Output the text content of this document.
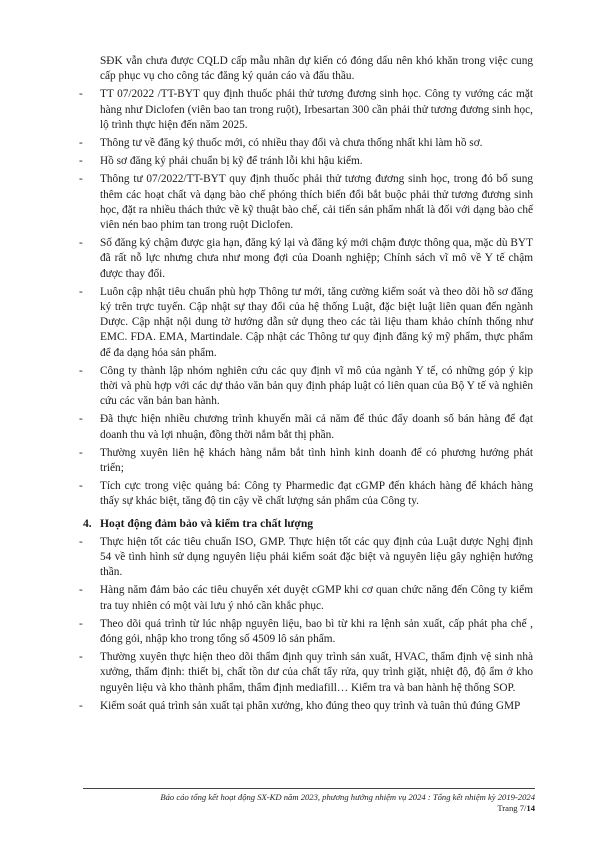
SĐK vẫn chưa được CQLD cấp mẫu nhãn dự kiến có đóng dấu nên khó khăn trong việc cung cấp phục vụ cho công tác đăng ký quản cáo và đấu thầu.

-	TT 07/2022 /TT-BYT quy định thuốc phải thử tương đương sinh học. Công ty vướng các mặt hàng như Diclofen (viên bao tan trong ruột), Irbesartan 300 cần phải thử tương đương sinh học, lộ trình thực hiện đến năm 2025.

-	Thông tư về đăng ký thuốc mới, có nhiều thay đổi và chưa thống nhất khi làm hồ sơ.

-	Hồ sơ đăng ký phải chuẩn bị kỹ để tránh lỗi khi hậu kiểm.

-	Thông tư 07/2022/TT-BYT quy định thuốc phải thử tương đương sinh học, trong đó bổ sung thêm các hoạt chất và dạng bào chế phóng thích biến đổi bắt buộc phải thử tương đương sinh học, đặt ra nhiều thách thức về kỹ thuật bào chế, cải tiến sản phẩm nhất là đối với dạng bào chế viên nén bao phim tan trong ruột Diclofen.

-	Số đăng ký chậm được gia hạn, đăng ký lại và đăng ký mới chậm được thông qua, mặc dù BYT đã rất nỗ lực nhưng chưa như mong đợi của Doanh nghiệp; Chính sách vĩ mô về Y tế chậm được thay đổi.

-	Luôn cập nhật tiêu chuẩn phù hợp Thông tư mới, tăng cường kiểm soát và theo dõi hồ sơ đăng ký trên trực tuyến. Cập nhật sự thay đổi của hệ thống Luật, đặc biệt luật liên quan đến ngành Dược. Cập nhật nội dung tờ hướng dẫn sử dụng theo các tài liệu tham khảo chính thống như EMC. FDA. EMA, Martindale. Cập nhật các Thông tư quy định đăng ký mỹ phẩm, thực phẩm để đa dạng hóa sản phẩm.

-	Công ty thành lập nhóm nghiên cứu các quy định vĩ mô của ngành Y tế, có những góp ý kịp thời và phù hợp với các dự thảo văn bản quy định pháp luật có liên quan của Bộ Y tế và nghiên cứu các văn bản ban hành.

-	Đã thực hiện nhiều chương trình khuyến mãi cả năm để thúc đẩy doanh số bán hàng để đạt doanh thu và lợi nhuận, đồng thời nắm bắt thị phần.

-	Thường xuyên liên hệ khách hàng nắm bắt tình hình kinh doanh để có phương hướng phát triển;

-	Tích cực trong việc quảng bá: Công ty Pharmedic đạt cGMP đến khách hàng để khách hàng thấy sự khác biệt, tăng độ tin cậy về chất lượng sản phẩm của Công ty.

4. Hoạt động đảm bảo và kiểm tra chất lượng

-	Thực hiện tốt các tiêu chuẩn ISO, GMP. Thực hiện tốt các quy định của Luật dược Nghị định 54 về tình hình sử dụng nguyên liệu phải kiểm soát đặc biệt và nguyên liệu gây nghiện hướng thần.

-	Hàng năm đảm bảo các tiêu chuyển xét duyệt cGMP khi cơ quan chức năng đến Công ty kiểm tra tuy nhiên có một vài lưu ý nhỏ cần khắc phục.

-	Theo dõi quá trình từ lúc nhập nguyên liệu, bao bì từ khi ra lệnh sản xuất, cấp phát pha chế , đóng gói, nhập kho trong tổng số 4509 lô sản phẩm.

-	Thường xuyên thực hiện theo dõi thẩm định quy trình sản xuất, HVAC, thẩm định vệ sinh nhà xưởng, thẩm định: thiết bị, chất tồn dư của chất tẩy rửa, quy trình giặt, nhiệt độ, độ ẩm ở kho nguyên liệu và kho thành phẩm, thẩm định mediafill… Kiểm tra và ban hành hệ thống SOP.

-	Kiểm soát quá trình sản xuất tại phân xưởng, kho đúng theo quy trình và tuân thủ đúng GMP

Báo cáo tổng kết hoạt động SX-KD năm 2023, phương hướng nhiệm vụ 2024 : Tổng kết nhiệm kỳ 2019-2024
Trang 7/14
